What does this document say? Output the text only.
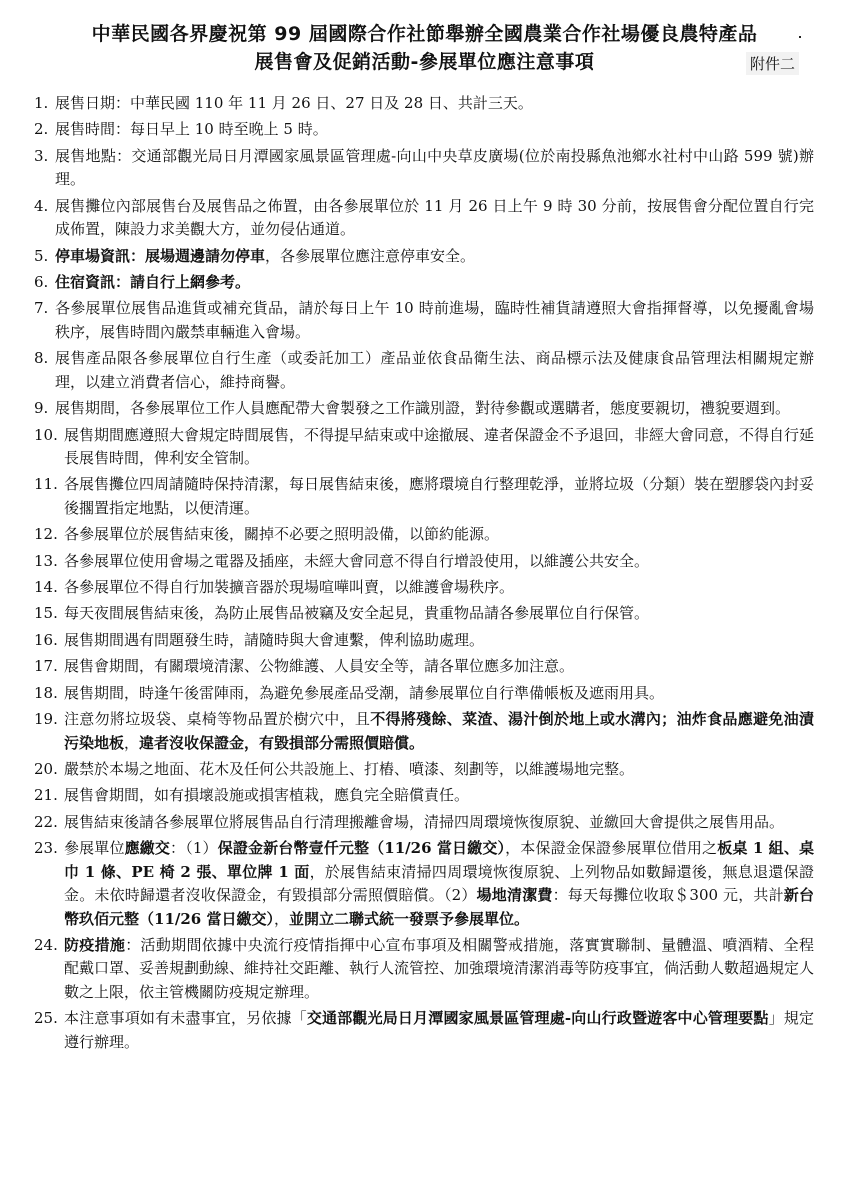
中華民國各界慶祝第 99 屆國際合作社節舉辦全國農業合作社場優良農特產品
展售會及促銷活動-參展單位應注意事項	附件二
1. 展售日期：中華民國 110 年 11 月 26 日、27 日及 28 日、共計三天。
2. 展售時間：每日早上 10 時至晚上 5 時。
3. 展售地點：交通部觀光局日月潭國家風景區管理處-向山中央草皮廣場(位於南投縣魚池鄉水社村中山路 599 號)辦理。
4. 展售攤位內部展售台及展售品之佈置，由各參展單位於 11 月 26 日上午 9 時 30 分前，按展售會分配位置自行完成佈置，陳設力求美觀大方，並勿侵佔通道。
5. 停車場資訊：展場週邊請勿停車，各參展單位應注意停車安全。
6. 住宿資訊：請自行上網參考。
7. 各參展單位展售品進貨或補充貨品，請於每日上午 10 時前進場，臨時性補貨請遵照大會指揮督導，以免擾亂會場秩序，展售時間內嚴禁車輛進入會場。
8. 展售產品限各參展單位自行生產（或委託加工）產品並依食品衛生法、商品標示法及健康食品管理法相關規定辦理，以建立消費者信心，維持商譽。
9. 展售期間，各參展單位工作人員應配帶大會製發之工作識別證，對待參觀或選購者，態度要親切，禮貌要週到。
10. 展售期間應遵照大會規定時間展售，不得提早結束或中途撤展、違者保證金不予退回，非經大會同意，不得自行延長展售時間，俾利安全管制。
11. 各展售攤位四周請隨時保持清潔，每日展售結束後，應將環境自行整理乾淨，並將垃圾（分類）裝在塑膠袋內封妥後擱置指定地點，以便清運。
12. 各參展單位於展售結束後，關掉不必要之照明設備，以節約能源。
13. 各參展單位使用會場之電器及插座，未經大會同意不得自行增設使用，以維護公共安全。
14. 各參展單位不得自行加裝擴音器於現場喧嘩叫賣，以維護會場秩序。
15. 每天夜間展售結束後，為防止展售品被竊及安全起見，貴重物品請各參展單位自行保管。
16. 展售期間遇有問題發生時，請隨時與大會連繫，俾利協助處理。
17. 展售會期間，有關環境清潔、公物維護、人員安全等，請各單位應多加注意。
18. 展售期間，時逢午後雷陣雨，為避免參展產品受潮，請參展單位自行準備帳板及遮雨用具。
19. 注意勿將垃圾袋、桌椅等物品置於樹穴中，且不得將殘餘、菜渣、湯汁倒於地上或水溝內；油炸食品應避免油漬污染地板，違者沒收保證金，有毀損部分需照價賠償。
20. 嚴禁於本場之地面、花木及任何公共設施上、打樁、噴漆、刻劃等，以維護場地完整。
21. 展售會期間，如有損壞設施或損害植栽，應負完全賠償責任。
22. 展售結束後請各參展單位將展售品自行清理搬離會場，清掃四周環境恢復原貌、並繳回大會提供之展售用品。
23. 參展單位應繳交：（1）保證金新台幣壹仟元整（11/26 當日繳交），本保證金保證參展單位借用之板桌 1 組、桌巾 1 條、PE 椅 2 張、單位牌 1 面，於展售結束清掃四周環境恢復原貌、上列物品如數歸還後，無息退還保證金。未依時歸還者沒收保證金，有毀損部分需照價賠償。（2）場地清潔費：每天每攤位收取＄300 元，共計新台幣玖佰元整（11/26 當日繳交），並開立二聯式統一發票予參展單位。
24. 防疫措施：活動期間依據中央流行疫情指揮中心宣布事項及相關警戒措施，落實實聯制、量體溫、噴酒精、全程配戴口罩、妥善規劃動線、維持社交距離、執行人流管控、加強環境清潔消毒等防疫事宜，倘活動人數超過規定人數之上限，依主管機關防疫規定辦理。
25. 本注意事項如有未盡事宜，另依據「交通部觀光局日月潭國家風景區管理處-向山行政暨遊客中心管理要點」規定遵行辦理。
